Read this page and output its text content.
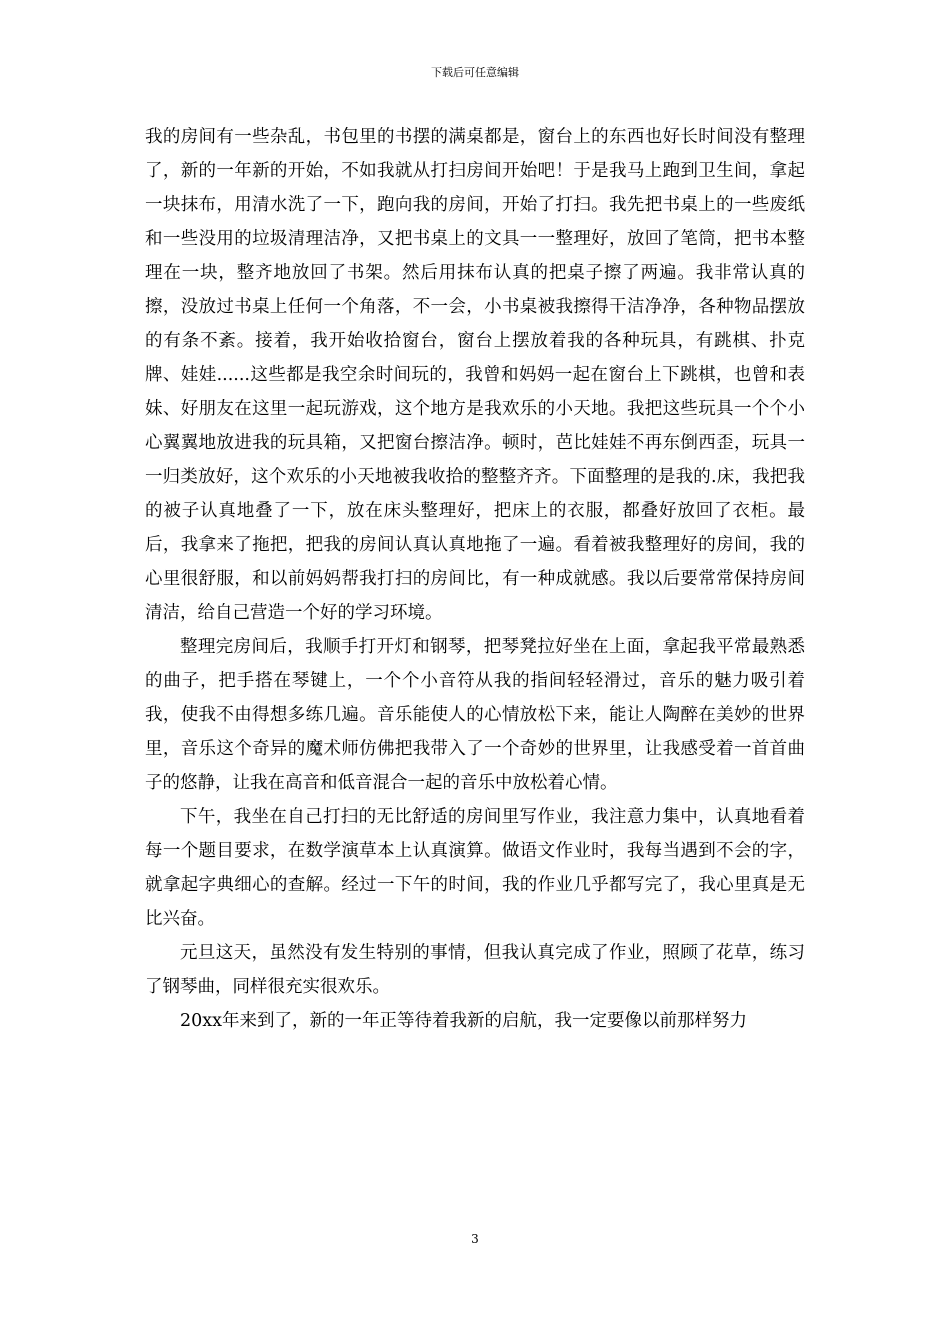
下载后可任意编辑

我的房间有一些杂乱，书包里的书摆的满桌都是，窗台上的东西也好长时间没有整理了，新的一年新的开始，不如我就从打扫房间开始吧！于是我马上跑到卫生间，拿起一块抹布，用清水洗了一下，跑向我的房间，开始了打扫。我先把书桌上的一些废纸和一些没用的垃圾清理洁净，又把书桌上的文具一一整理好，放回了笔筒，把书本整理在一块，整齐地放回了书架。然后用抹布认真的把桌子擦了两遍。我非常认真的擦，没放过书桌上任何一个角落，不一会，小书桌被我擦得干洁净净，各种物品摆放的有条不紊。接着，我开始收拾窗台，窗台上摆放着我的各种玩具，有跳棋、扑克牌、娃娃......这些都是我空余时间玩的，我曾和妈妈一起在窗台上下跳棋，也曾和表妹、好朋友在这里一起玩游戏，这个地方是我欢乐的小天地。我把这些玩具一个个小心翼翼地放进我的玩具箱，又把窗台擦洁净。顿时，芭比娃娃不再东倒西歪，玩具一一归类放好，这个欢乐的小天地被我收拾的整整齐齐。下面整理的是我的.床，我把我的被子认真地叠了一下，放在床头整理好，把床上的衣服，都叠好放回了衣柜。最后，我拿来了拖把，把我的房间认真认真地拖了一遍。看着被我整理好的房间，我的心里很舒服，和以前妈妈帮我打扫的房间比，有一种成就感。我以后要常常保持房间清洁，给自己营造一个好的学习环境。

整理完房间后，我顺手打开灯和钢琴，把琴凳拉好坐在上面，拿起我平常最熟悉的曲子，把手搭在琴键上，一个个小音符从我的指间轻轻滑过，音乐的魅力吸引着我，使我不由得想多练几遍。音乐能使人的心情放松下来，能让人陶醉在美妙的世界里，音乐这个奇异的魔术师仿佛把我带入了一个奇妙的世界里，让我感受着一首首曲子的悠静，让我在高音和低音混合一起的音乐中放松着心情。

下午，我坐在自己打扫的无比舒适的房间里写作业，我注意力集中，认真地看着每一个题目要求，在数学演草本上认真演算。做语文作业时，我每当遇到不会的字，就拿起字典细心的查解。经过一下午的时间，我的作业几乎都写完了，我心里真是无比兴奋。

元旦这天，虽然没有发生特别的事情，但我认真完成了作业，照顾了花草，练习了钢琴曲，同样很充实很欢乐。

20xx年来到了，新的一年正等待着我新的启航，我一定要像以前那样努力

3
